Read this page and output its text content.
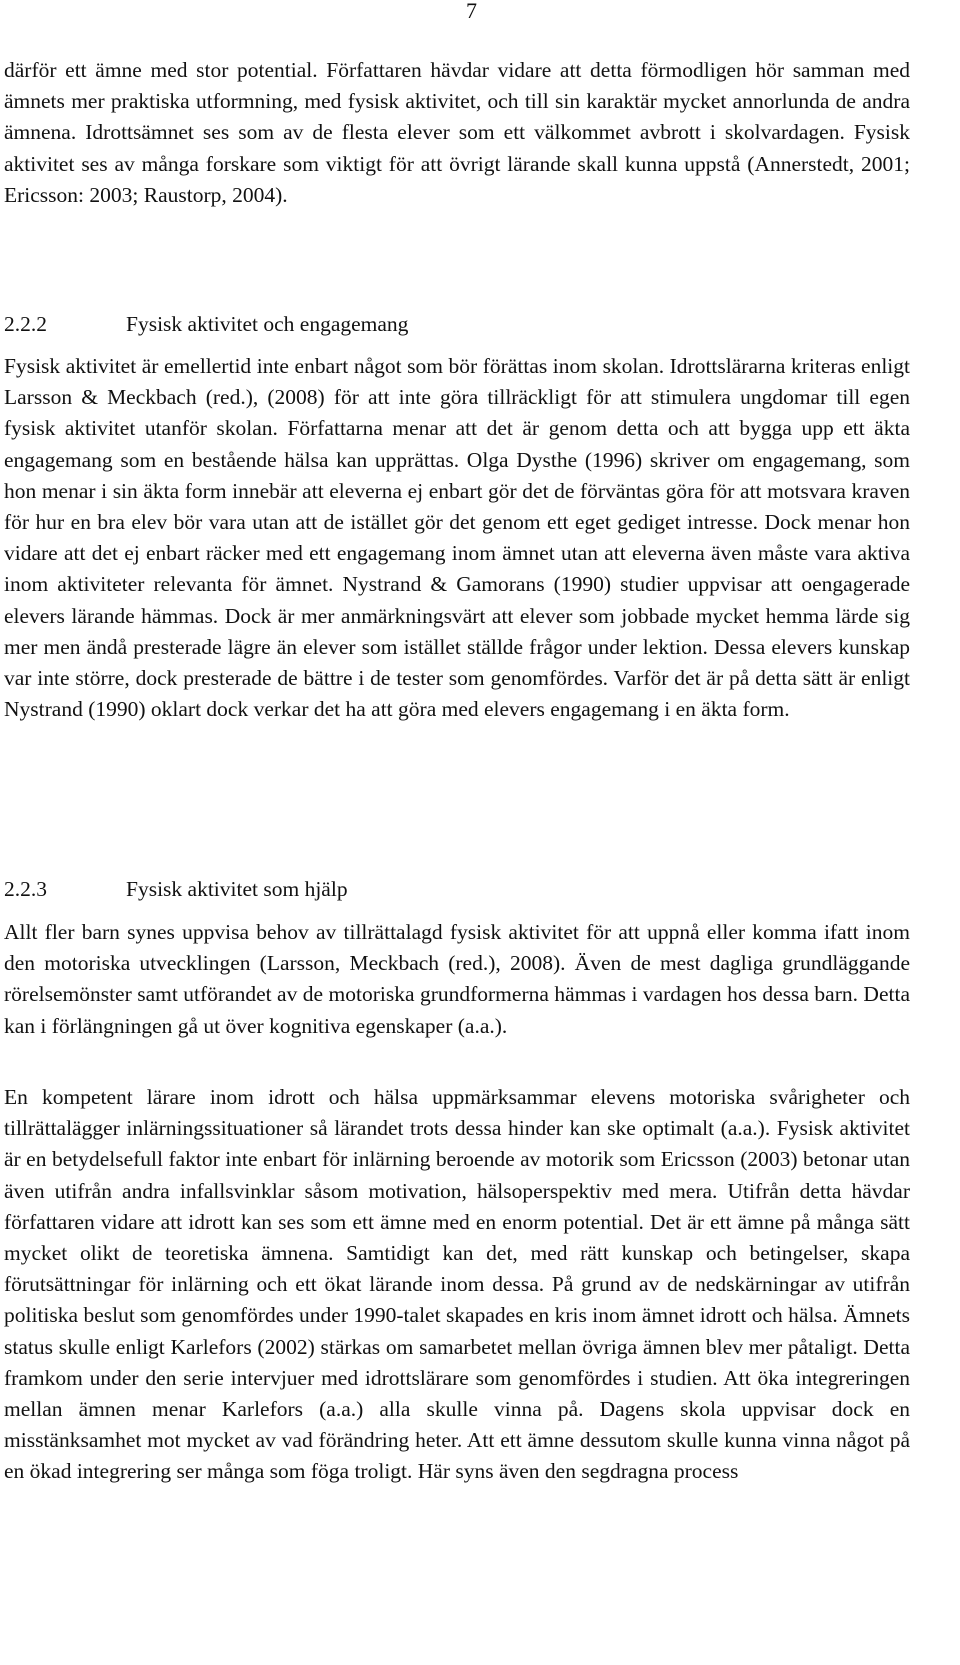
7

därför ett ämne med stor potential. Författaren hävdar vidare att detta förmodligen hör samman med ämnets mer praktiska utformning, med fysisk aktivitet, och till sin karaktär mycket annorlunda de andra ämnena. Idrottsämnet ses som av de flesta elever som ett välkommet avbrott i skolvardagen. Fysisk aktivitet ses av många forskare som viktigt för att övrigt lärande skall kunna uppstå (Annerstedt, 2001; Ericsson: 2003; Raustorp, 2004).

2.2.2	Fysisk aktivitet och engagemang

Fysisk aktivitet är emellertid inte enbart något som bör förättas inom skolan. Idrottslärarna kriteras enligt Larsson & Meckbach (red.), (2008) för att inte göra tillräckligt för att stimulera ungdomar till egen fysisk aktivitet utanför skolan. Författarna menar att det är genom detta och att bygga upp ett äkta engagemang som en bestående hälsa kan upprättas. Olga Dysthe (1996) skriver om engagemang, som hon menar i sin äkta form innebär att eleverna ej enbart gör det de förväntas göra för att motsvara kraven för hur en bra elev bör vara utan att de istället gör det genom ett eget gediget intresse. Dock menar hon vidare att det ej enbart räcker med ett engagemang inom ämnet utan att eleverna även måste vara aktiva inom aktiviteter relevanta för ämnet. Nystrand & Gamorans (1990) studier uppvisar att oengagerade elevers lärande hämmas. Dock är mer anmärkningsvärt att elever som jobbade mycket hemma lärde sig mer men ändå presterade lägre än elever som istället ställde frågor under lektion. Dessa elevers kunskap var inte större, dock presterade de bättre i de tester som genomfördes. Varför det är på detta sätt är enligt Nystrand (1990) oklart dock verkar det ha att göra med elevers engagemang i en äkta form.

2.2.3	Fysisk aktivitet som hjälp

Allt fler barn synes uppvisa behov av tillrättalagd fysisk aktivitet för att uppnå eller komma ifatt inom den motoriska utvecklingen (Larsson, Meckbach (red.), 2008). Även de mest dagliga grundläggande rörelsemönster samt utförandet av de motoriska grundformerna hämmas i vardagen hos dessa barn. Detta kan i förlängningen gå ut över kognitiva egenskaper (a.a.).

En kompetent lärare inom idrott och hälsa uppmärksammar elevens motoriska svårigheter och tillrättalägger inlärningssituationer så lärandet trots dessa hinder kan ske optimalt (a.a.). Fysisk aktivitet är en betydelsefull faktor inte enbart för inlärning beroende av motorik som Ericsson (2003) betonar utan även utifrån andra infallsvinklar såsom motivation, hälsoperspektiv med mera. Utifrån detta hävdar författaren vidare att idrott kan ses som ett ämne med en enorm potential. Det är ett ämne på många sätt mycket olikt de teoretiska ämnena. Samtidigt kan det, med rätt kunskap och betingelser, skapa förutsättningar för inlärning och ett ökat lärande inom dessa. På grund av de nedskärningar av utifrån politiska beslut som genomfördes under 1990-talet skapades en kris inom ämnet idrott och hälsa. Ämnets status skulle enligt Karlefors (2002) stärkas om samarbetet mellan övriga ämnen blev mer påtaligt. Detta framkom under den serie intervjuer med idrottslärare som genomfördes i studien. Att öka integreringen mellan ämnen menar Karlefors (a.a.) alla skulle vinna på. Dagens skola uppvisar dock en misstänksamhet mot mycket av vad förändring heter. Att ett ämne dessutom skulle kunna vinna något på en ökad integrering ser många som föga troligt. Här syns även den segdragna process
